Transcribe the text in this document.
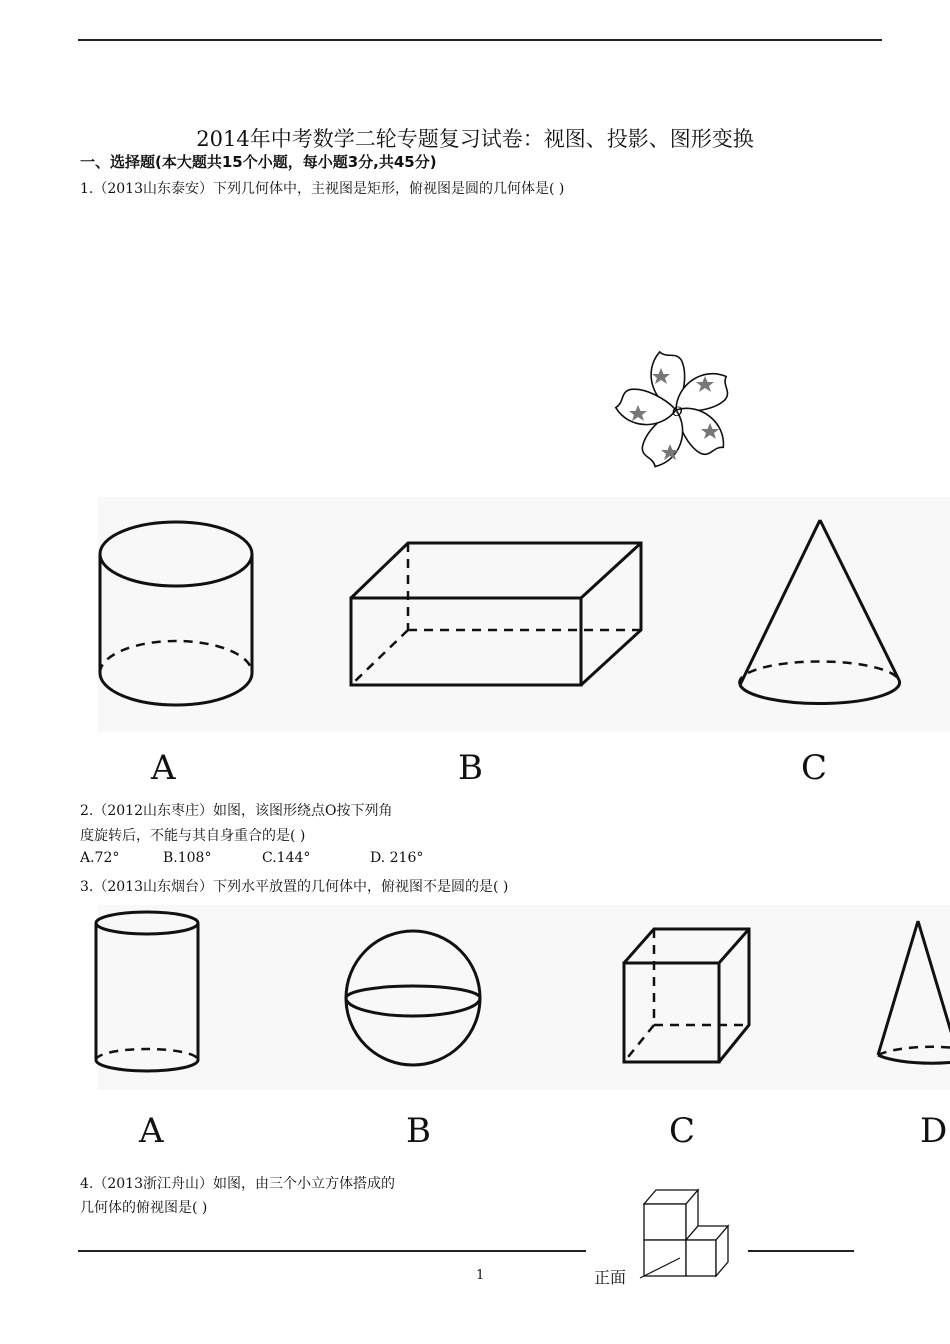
2014年中考数学二轮专题复习试卷：视图、投影、图形变换
一、选择题(本大题共15个小题，每小题3分,共45分)
1.（2013山东泰安）下列几何体中，主视图是矩形，俯视图是圆的几何体是( )
O
A	B	C
2.（2012山东枣庄）如图，该图形绕点O按下列角
度旋转后，不能与其自身重合的是( )
A.72°	B.108°	C.144°	D. 216°
3.（2013山东烟台）下列水平放置的几何体中，俯视图不是圆的是( )
A	B	C	D
4.（2013浙江舟山）如图，由三个小立方体搭成的
几何体的俯视图是( )
正面
1
